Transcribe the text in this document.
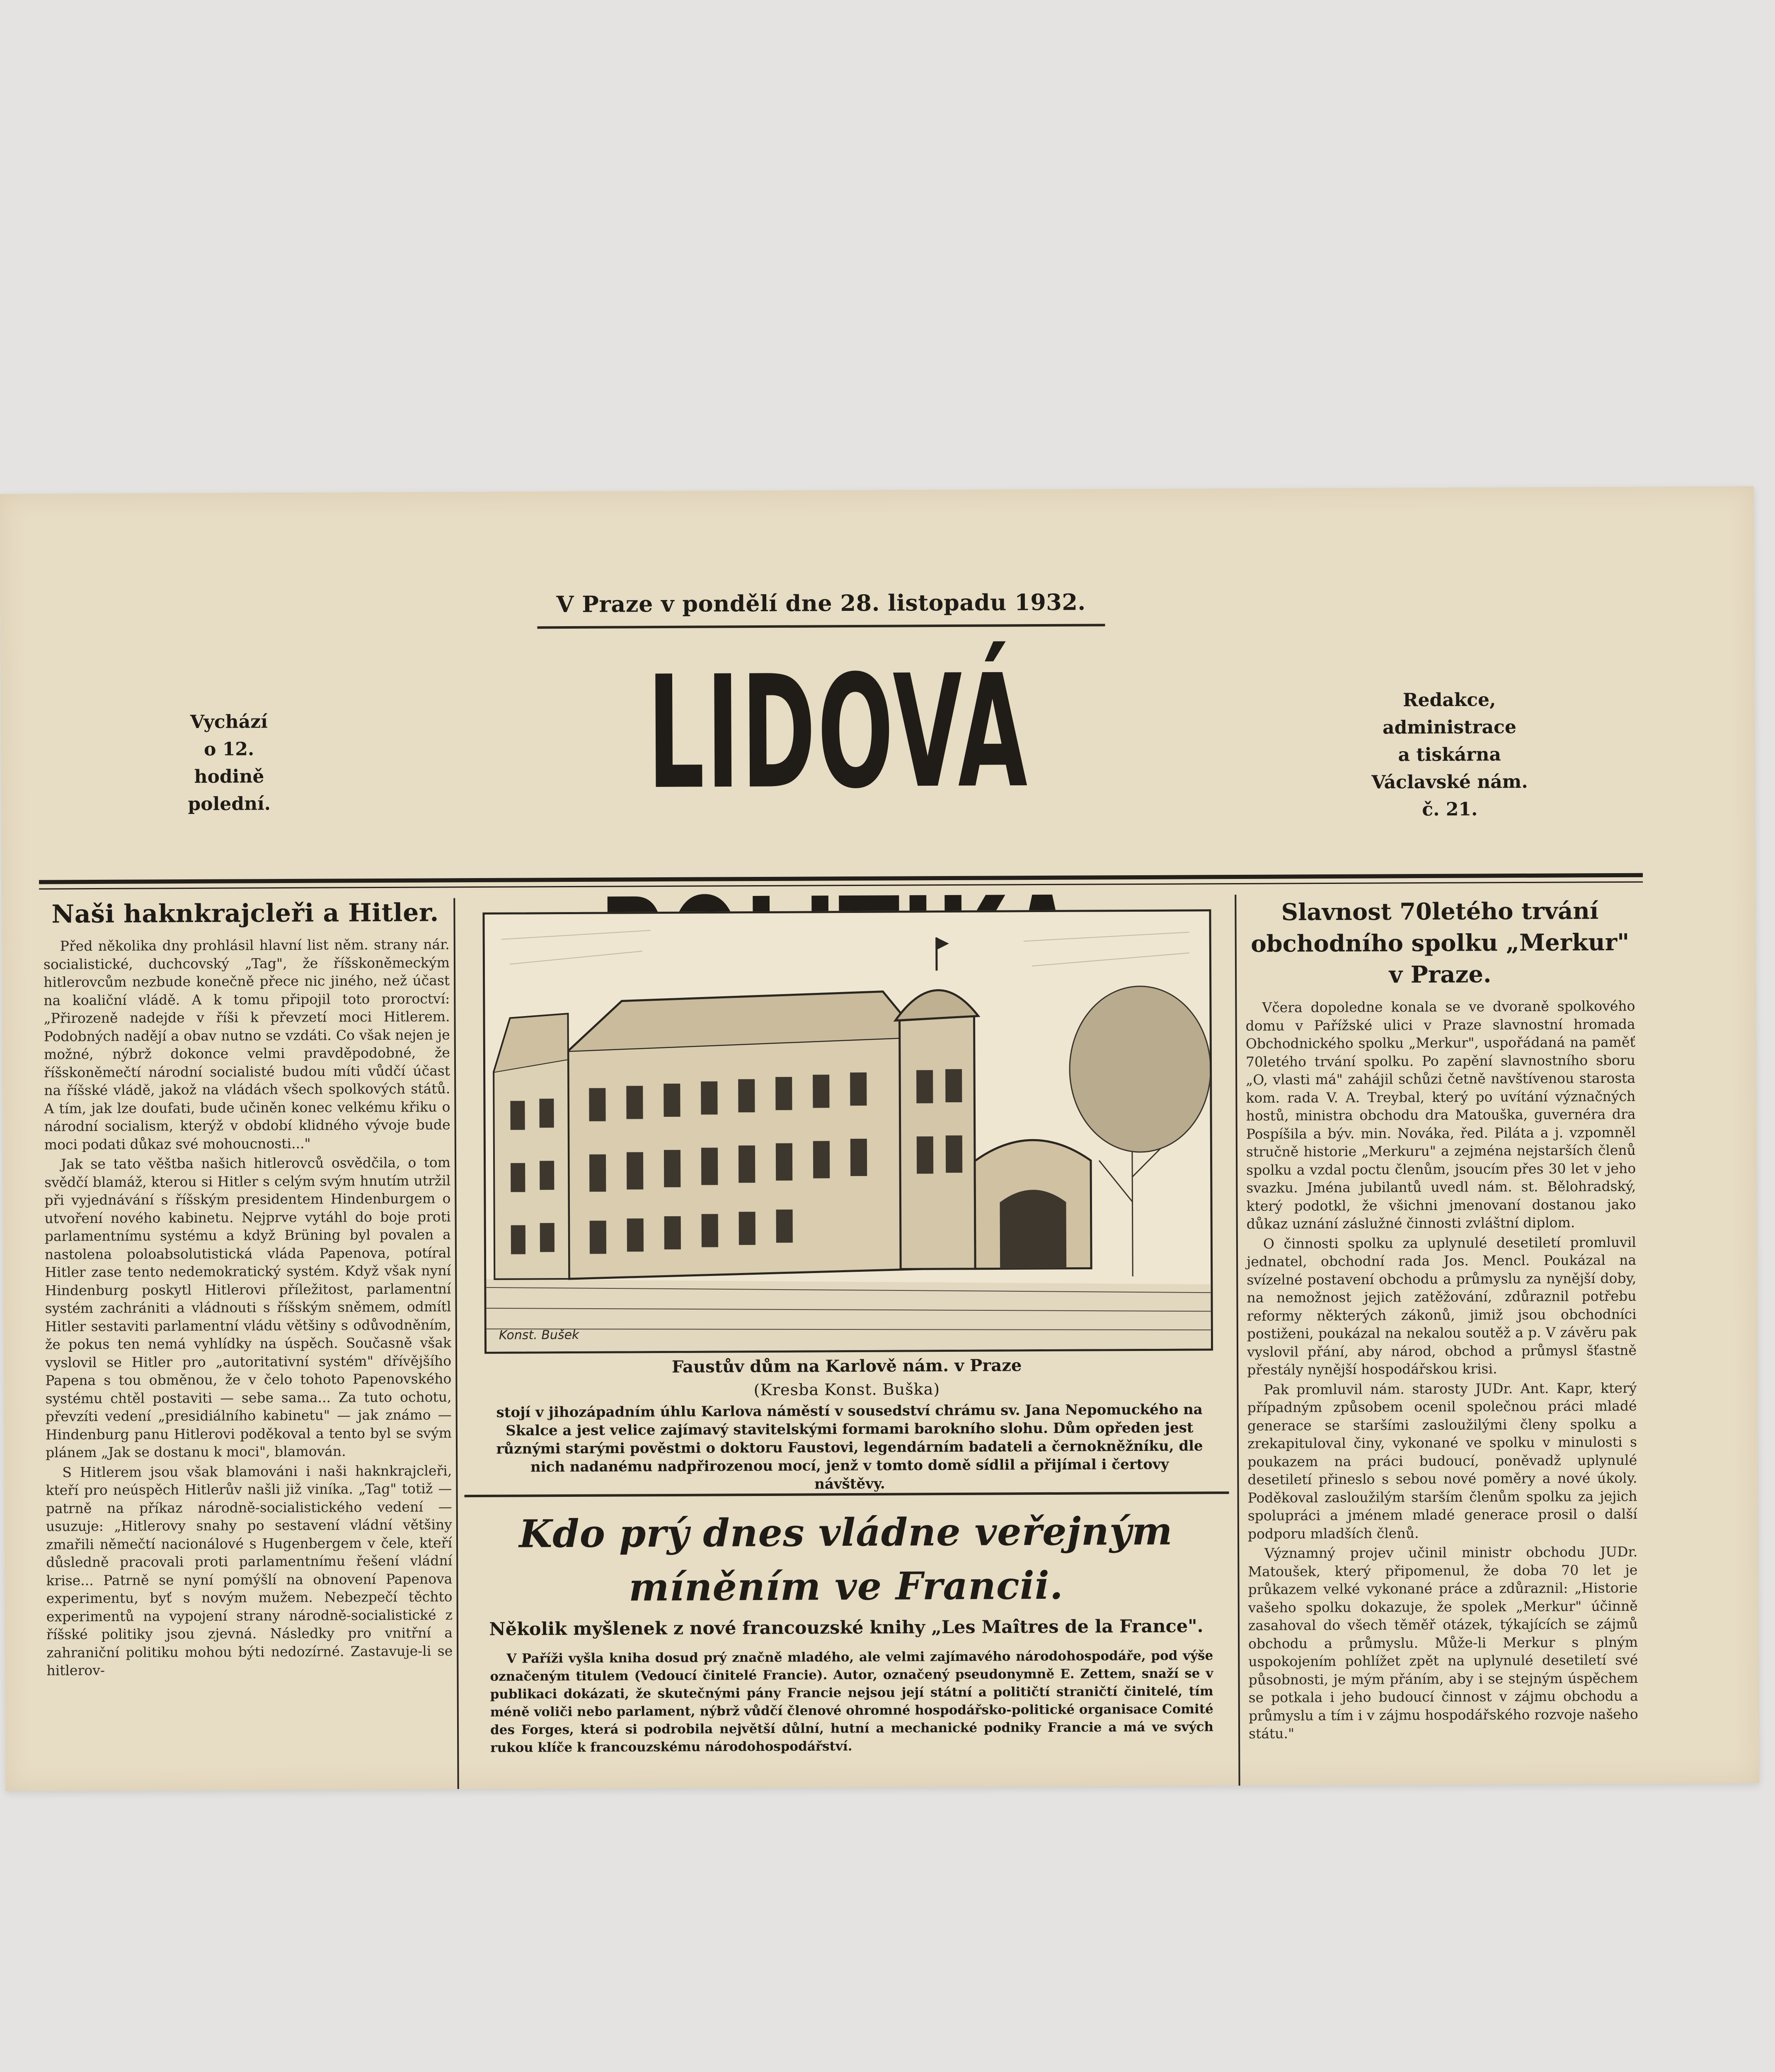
V Praze v pondělí dne 28. listopadu 1932.
Vychází
o 12. hodině
polední.	LIDOVÁ	Redakce,
administrace
a tiskárna
Václavské nám.
č. 21.
Naši haknkrajcleři a Hitler.

Před několika dny prohlásil hlavní list něm. strany nár. socialistické, duchcovský „Tag", že říšskoněmeckým hitlerovcům nezbude konečně přece nic jiného, než účast na koaliční vládě. A k tomu připojil toto proroctví: „Přirozeně nadejde v říši k převzetí moci Hitlerem. Podobných nadějí a obav nutno se vzdáti. Co však nejen je možné, nýbrž dokonce velmi pravděpodobné, že říšskoněmečtí národní socialisté budou míti vůdčí účast na říšské vládě, jakož na vládách všech spolkových států. A tím, jak lze doufati, bude učiněn konec velkému křiku o národní socialism, kterýž v období klidného vývoje bude moci podati důkaz své mohoucnosti..."

Jak se tato věštba našich hitlerovců osvědčila, o tom svědčí blamáž, kterou si Hitler s celým svým hnutím utržil při vyjednávání s říšským presidentem Hindenburgem o utvoření nového kabinetu. Nejprve vytáhl do boje proti parlamentnímu systému a když Brüning byl povalen a nastolena poloabsolutistická vláda Papenova, potíral Hitler zase tento nedemokratický systém. Když však nyní Hindenburg poskytl Hitlerovi příležitost, parlamentní systém zachrániti a vládnouti s říšským sněmem, odmítl Hitler sestaviti parlamentní vládu většiny s odůvodněním, že pokus ten nemá vyhlídky na úspěch. Současně však vyslovil se Hitler pro „autoritativní systém" dřívějšího Papena s tou obměnou, že v čelo tohoto Papenovského systému chtěl postaviti — sebe sama... Za tuto ochotu, převzíti vedení „presidiálního kabinetu" — jak známo — Hindenburg panu Hitlerovi poděkoval a tento byl se svým plánem „Jak se dostanu k moci", blamován.

S Hitlerem jsou však blamováni i naši haknkrajcleři, kteří pro neúspěch Hitlerův našli již viníka. „Tag" totiž — patrně na příkaz národně-socialistického vedení — usuzuje: „Hitlerovy snahy po sestavení vládní většiny zmařili němečtí nacionálové s Hugenbergem v čele, kteří důsledně pracovali proti parlamentnímu řešení vládní krise... Patrně se nyní pomýšlí na obnovení Papenova experimentu, byť s novým mužem. Nebezpečí těchto experimentů na vypojení strany národně-socialistické z říšské politiky jsou zjevná. Následky pro vnitřní a zahraniční politiku mohou býti nedozírné. Zastavuje-li se hitlerov-

Konst. Bušek
Faustův dům na Karlově nám. v Praze
(Kresba Konst. Buška)
stojí v jihozápadním úhlu Karlova náměstí v sousedství chrámu sv. Jana Nepomuckého na Skalce a jest velice zajímavý stavitelskými formami barokního slohu. Dům opředen jest různými starými pověstmi o doktoru Faustovi, legendárním badateli a černokněžníku, dle nich nadanému nadpřirozenou mocí, jenž v tomto domě sídlil a přijímal i čertovy návštěvy.
Kdo prý dnes vládne veřejným
míněním ve Francii.
Několik myšlenek z nové francouzské knihy „Les Maîtres de la France".
V Paříži vyšla kniha dosud prý značně mladého, ale velmi zajímavého národohospodáře, pod výše označeným titulem (Vedoucí činitelé Francie). Autor, označený pseudonymně E. Zettem, snaží se v publikaci dokázati, že skutečnými pány Francie nejsou její státní a političtí straničtí činitelé, tím méně voliči nebo parlament, nýbrž vůdčí členové ohromné hospodářsko-politické organisace Comité des Forges, která si podrobila největší důlní, hutní a mechanické podniky Francie a má ve svých rukou klíče k francouzskému národohospodářství.
Slavnost 70letého trvání
obchodního spolku „Merkur"
v Praze.

Včera dopoledne konala se ve dvoraně spolkového domu v Pařížské ulici v Praze slavnostní hromada Obchodnického spolku „Merkur", uspořádaná na paměť 70letého trvání spolku. Po zapění slavnostního sboru „O, vlasti má" zahájil schůzi četně navštívenou starosta kom. rada V. A. Treybal, který po uvítání význačných hostů, ministra obchodu dra Matouška, guvernéra dra Pospíšila a býv. min. Nováka, řed. Piláta a j. vzpomněl stručně historie „Merkuru" a zejména nejstarších členů spolku a vzdal poctu členům, jsoucím přes 30 let v jeho svazku. Jména jubilantů uvedl nám. st. Bělohradský, který podotkl, že všichni jmenovaní dostanou jako důkaz uznání záslužné činnosti zvláštní diplom.

O činnosti spolku za uplynulé desetiletí promluvil jednatel, obchodní rada Jos. Mencl. Poukázal na svízelné postavení obchodu a průmyslu za nynější doby, na nemožnost jejich zatěžování, zdůraznil potřebu reformy některých zákonů, jimiž jsou obchodníci postiženi, poukázal na nekalou soutěž a p. V závěru pak vyslovil přání, aby národ, obchod a průmysl šťastně přestály nynější hospodářskou krisi.

Pak promluvil nám. starosty JUDr. Ant. Kapr, který případným způsobem ocenil společnou práci mladé generace se staršími zasloužilými členy spolku a zrekapituloval činy, vykonané ve spolku v minulosti s poukazem na práci budoucí, poněvadž uplynulé desetiletí přineslo s sebou nové poměry a nové úkoly. Poděkoval zasloužilým starším členům spolku za jejich spolupráci a jménem mladé generace prosil o další podporu mladších členů.

Významný projev učinil ministr obchodu JUDr. Matoušek, který připomenul, že doba 70 let je průkazem velké vykonané práce a zdůraznil: „Historie vašeho spolku dokazuje, že spolek „Merkur" účinně zasahoval do všech těměř otázek, týkajících se zájmů obchodu a průmyslu. Může-li Merkur s plným uspokojením pohlížet zpět na uplynulé desetiletí své působnosti, je mým přáním, aby i se stejným úspěchem se potkala i jeho budoucí činnost v zájmu obchodu a průmyslu a tím i v zájmu hospodářského rozvoje našeho státu."
